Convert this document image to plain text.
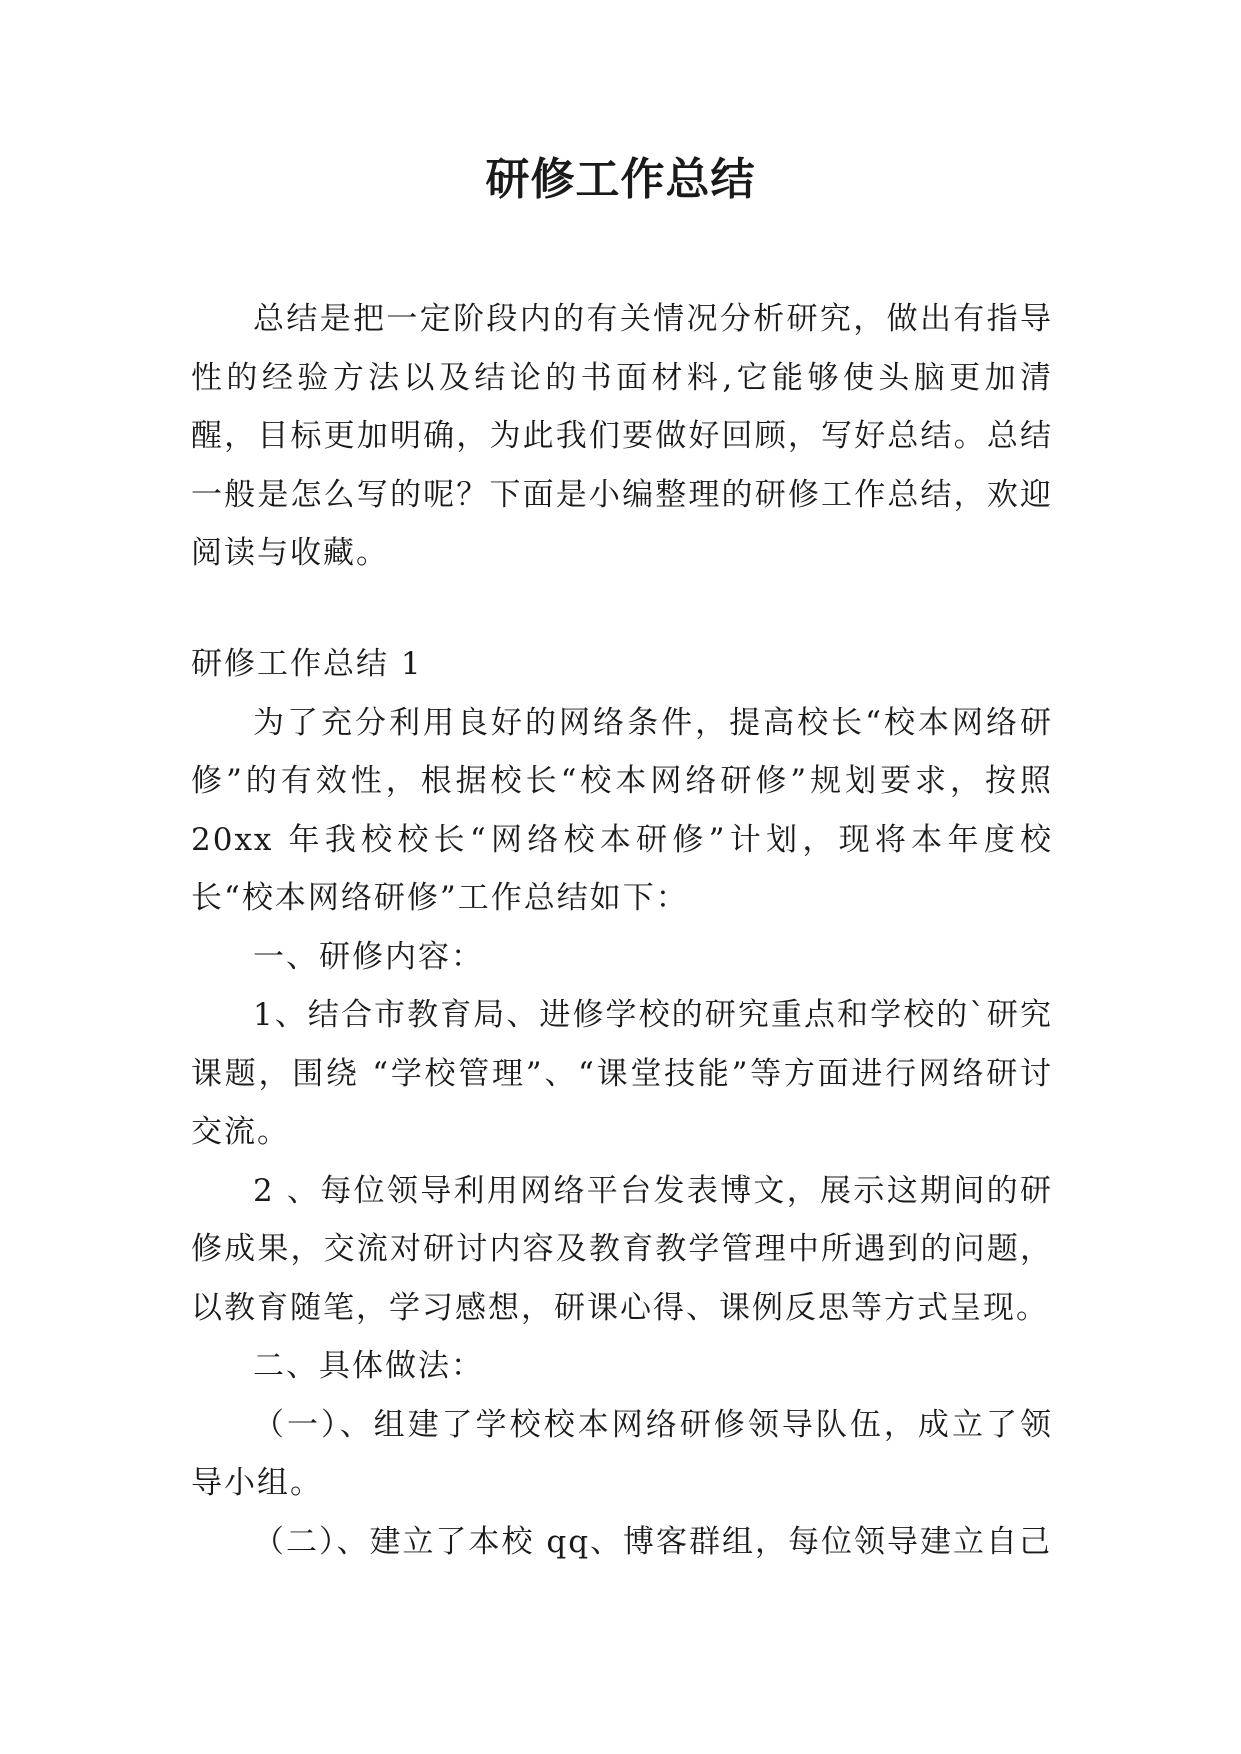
研修工作总结

总结是把一定阶段内的有关情况分析研究，做出有指导性的经验方法以及结论的书面材料,它能够使头脑更加清醒，目标更加明确，为此我们要做好回顾，写好总结。总结一般是怎么写的呢？下面是小编整理的研修工作总结，欢迎阅读与收藏。

研修工作总结 1

为了充分利用良好的网络条件，提高校长“校本网络研修”的有效性，根据校长“校本网络研修”规划要求，按照20xx 年我校校长“网络校本研修”计划，现将本年度校长“校本网络研修”工作总结如下：

一、研修内容：

1、结合市教育局、进修学校的研究重点和学校的`研究课题，围绕 “学校管理”、“课堂技能”等方面进行网络研讨交流。

2 、每位领导利用网络平台发表博文，展示这期间的研修成果，交流对研讨内容及教育教学管理中所遇到的问题，以教育随笔，学习感想，研课心得、课例反思等方式呈现。

二、具体做法：

（一）、组建了学校校本网络研修领导队伍，成立了领导小组。

（二）、建立了本校 qq、博客群组，每位领导建立自己
